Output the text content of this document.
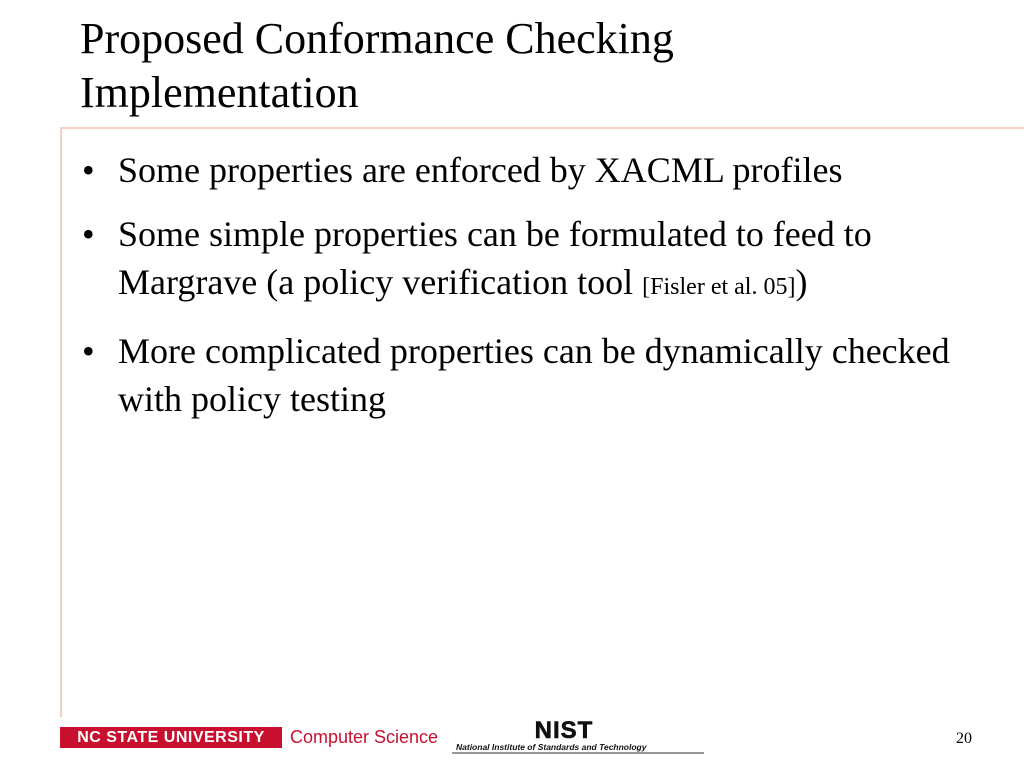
Proposed Conformance Checking
Implementation
• Some properties are enforced by XACML profiles
• Some simple properties can be formulated to feed to Margrave (a policy verification tool [Fisler et al. 05])
• More complicated properties can be dynamically checked with policy testing
NC STATE UNIVERSITY	Computer Science	NIST
National Institute of Standards and Technology	20
